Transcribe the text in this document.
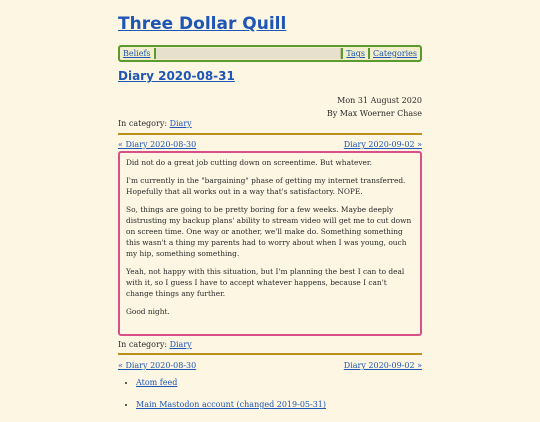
Three Dollar Quill
Beliefs	Tags	Categories
Diary 2020-08-31
Mon 31 August 2020
By Max Woerner Chase
In category: Diary
« Diary 2020-08-30	Diary 2020-09-02 »

Did not do a great job cutting down on screentime. But whatever.

I'm currently in the "bargaining" phase of getting my internet transferred. Hopefully that all works out in a way that's satisfactory. NOPE.

So, things are going to be pretty boring for a few weeks. Maybe deeply distrusting my backup plans' ability to stream video will get me to cut down on screen time. One way or another, we'll make do. Something something this wasn't a thing my parents had to worry about when I was young, ouch my hip, something something.

Yeah, not happy with this situation, but I'm planning the best I can to deal with it, so I guess I have to accept whatever happens, because I can't change things any further.

Good night.

In category: Diary
« Diary 2020-08-30	Diary 2020-09-02 »
• Atom feed
• Main Mastodon account (changed 2019-05-31)
